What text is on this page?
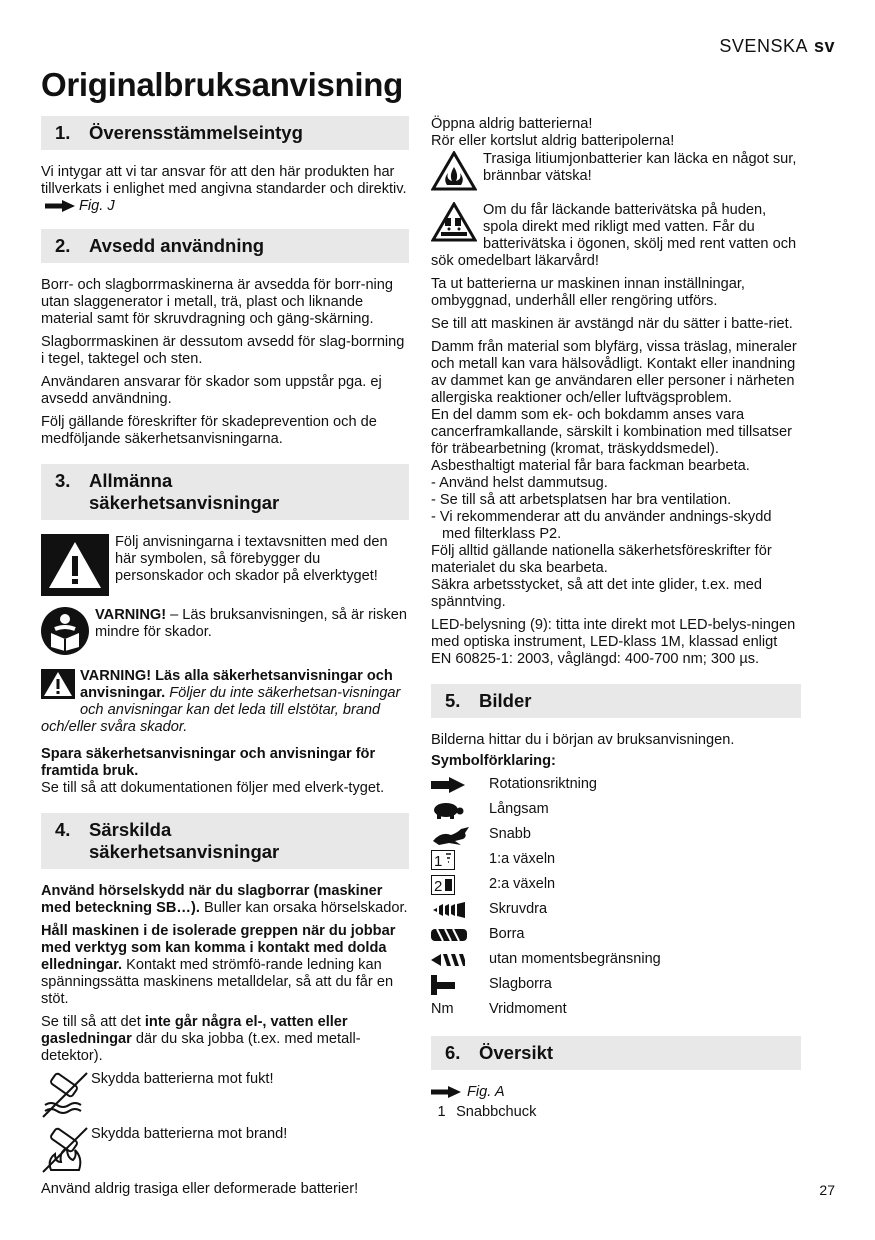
SVENSKA sv
Originalbruksanvisning
1.	Överensstämmelseintyg

Vi intygar att vi tar ansvar för att den här produkten har tillverkats i enlighet med angivna standarder och direktiv.Fig. J

2.	Avsedd användning

Borr- och slagborrmaskinerna är avsedda för borr-ning utan slaggenerator i metall, trä, plast och liknande material samt för skruvdragning och gäng-skärning.

Slagborrmaskinen är dessutom avsedd för slag-borrning i tegel, taktegel och sten.

Användaren ansvarar för skador som uppstår pga. ej avsedd användning.

Följ gällande föreskrifter för skadeprevention och de medföljande säkerhetsanvisningarna.

3.	Allmänna
säkerhetsanvisningar
Följ anvisningarna i textavsnitten med den här symbolen, så förebygger du personskador och skador på elverktyget!
VARNING! – Läs bruksanvisningen, så är risken mindre för skador.

VARNING! Läs alla säkerhetsanvisningar och anvisningar. Följer du inte säkerhetsan-visningar och anvisningar kan det leda till elstötar, brand och/eller svåra skador.

Spara säkerhetsanvisningar och anvisningar för framtida bruk.
Se till så att dokumentationen följer med elverk-tyget.

4.	Särskilda
säkerhetsanvisningar

Använd hörselskydd när du slagborrar (maskiner med beteckning SB…). Buller kan orsaka hörselskador.

Håll maskinen i de isolerade greppen när du jobbar med verktyg som kan komma i kontakt med dolda elledningar. Kontakt med strömfö-rande ledning kan spänningssätta maskinens metalldelar, så att du får en stöt.

Se till så att det inte går några el-, vatten eller gasledningar där du ska jobba (t.ex. med metall-detektor).

Skydda batterierna mot fukt!
Skydda batterierna mot brand!

Använd aldrig trasiga eller deformerade batterier!

Öppna aldrig batterierna!

Rör eller kortslut aldrig batteripolerna!

Trasiga litiumjonbatterier kan läcka en något sur, brännbar vätska!

Om du får läckande batterivätska på huden, spola direkt med rikligt med vatten. Får du batterivätska i ögonen, skölj med rent vatten och sök omedelbart läkarvård!

Ta ut batterierna ur maskinen innan inställningar, ombyggnad, underhåll eller rengöring utförs.

Se till att maskinen är avstängd när du sätter i batte-riet.

Damm från material som blyfärg, vissa träslag, mineraler och metall kan vara hälsovådligt. Kontakt eller inandning av dammet kan ge användaren eller personer i närheten allergiska reaktioner och/eller luftvägsproblem.

En del damm som ek- och bokdamm anses vara cancerframkallande, särskilt i kombination med tillsatser för träbearbetning (kromat, träskyddsmedel). Asbesthaltigt material får bara fackman bearbeta.

- Använd helst dammutsug.

- Se till så att arbetsplatsen har bra ventilation.

- Vi rekommenderar att du använder andnings-skydd med filterklass P2.

Följ alltid gällande nationella säkerhetsföreskrifter för materialet du ska bearbeta.

Säkra arbetsstycket, så att det inte glider, t.ex. med spänntving.

LED-belysning (9): titta inte direkt mot LED-belys-ningen med optiska instrument, LED-klass 1M, klassad enligt EN 60825-1: 2003, våglängd: 400-700 nm; 300 µs.

5.	Bilder

Bilderna hittar du i början av bruksanvisningen.

Symbolförklaring:

Rotationsriktning
Långsam
Snabb
1	1:a växeln
2	2:a växeln
Skruvdra
Borra
utan momentsbegränsning
Slagborra
Nm	Vridmoment
6.	Översikt

Fig. A

1 Snabbchuck

27
